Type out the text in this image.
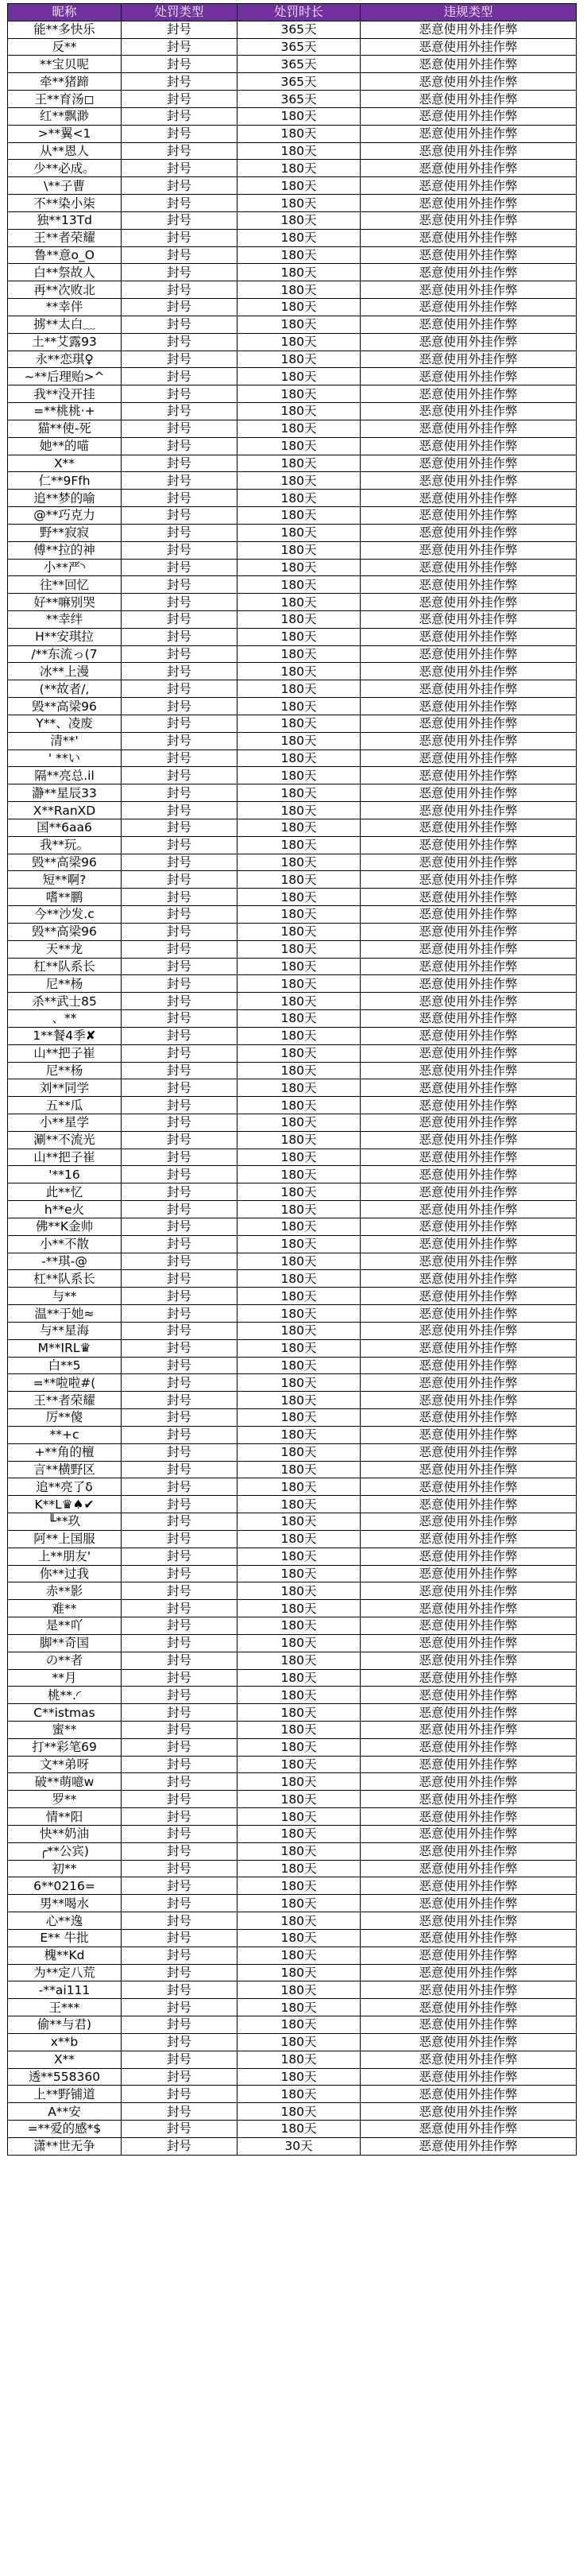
昵称	处罚类型	处罚时长	违规类型
能**多快乐	封号	365天	恶意使用外挂作弊
反**	封号	365天	恶意使用外挂作弊
**宝贝呢	封号	365天	恶意使用外挂作弊
牵**猪蹄	封号	365天	恶意使用外挂作弊
王**育汤◻	封号	365天	恶意使用外挂作弊
红**飘渺	封号	180天	恶意使用外挂作弊
>**翼<1	封号	180天	恶意使用外挂作弊
从**恩人	封号	180天	恶意使用外挂作弊
少**必成。	封号	180天	恶意使用外挂作弊
\**子曹	封号	180天	恶意使用外挂作弊
不**染小柒	封号	180天	恶意使用外挂作弊
独**13Td	封号	180天	恶意使用外挂作弊
王**者荣耀	封号	180天	恶意使用外挂作弊
鲁**意o_O	封号	180天	恶意使用外挂作弊
白**祭故人	封号	180天	恶意使用外挂作弊
再**次败北	封号	180天	恶意使用外挂作弊
**幸伴	封号	180天	恶意使用外挂作弊
掳**太白﹏	封号	180天	恶意使用外挂作弊
土**艾露93	封号	180天	恶意使用外挂作弊
永**恋琪♀	封号	180天	恶意使用外挂作弊
~**后理贻>^	封号	180天	恶意使用外挂作弊
我**没开挂	封号	180天	恶意使用外挂作弊
=**桃桃·+	封号	180天	恶意使用外挂作弊
猫**使-死	封号	180天	恶意使用外挂作弊
她**的喵	封号	180天	恶意使用外挂作弊
X**	封号	180天	恶意使用外挂作弊
仁**9Ffh	封号	180天	恶意使用外挂作弊
追**梦的喻	封号	180天	恶意使用外挂作弊
@**巧克力	封号	180天	恶意使用外挂作弊
野**寂寂	封号	180天	恶意使用外挂作弊
傅**拉的神	封号	180天	恶意使用外挂作弊
小**严◝	封号	180天	恶意使用外挂作弊
往**回忆	封号	180天	恶意使用外挂作弊
好**嘛别哭	封号	180天	恶意使用外挂作弊
**幸绊	封号	180天	恶意使用外挂作弊
H**安琪拉	封号	180天	恶意使用外挂作弊
/**东流っ(7	封号	180天	恶意使用外挂作弊
冰**上漫	封号	180天	恶意使用外挂作弊
(**故者/,	封号	180天	恶意使用外挂作弊
毁**高梁96	封号	180天	恶意使用外挂作弊
Y**、凌废	封号	180天	恶意使用外挂作弊
清**'	封号	180天	恶意使用外挂作弊
' **い	封号	180天	恶意使用外挂作弊
隔**亮总.il	封号	180天	恶意使用外挂作弊
瀞**星辰33	封号	180天	恶意使用外挂作弊
X**RanXD	封号	180天	恶意使用外挂作弊
国**6aa6	封号	180天	恶意使用外挂作弊
我**玩。	封号	180天	恶意使用外挂作弊
毁**高梁96	封号	180天	恶意使用外挂作弊
短**啊?	封号	180天	恶意使用外挂作弊
嗜**鹏	封号	180天	恶意使用外挂作弊
今**沙发.c	封号	180天	恶意使用外挂作弊
毁**高梁96	封号	180天	恶意使用外挂作弊
天**龙	封号	180天	恶意使用外挂作弊
杠**队系长	封号	180天	恶意使用外挂作弊
尼**杨	封号	180天	恶意使用外挂作弊
杀**武士85	封号	180天	恶意使用外挂作弊
、**	封号	180天	恶意使用外挂作弊
1**餐4季✘	封号	180天	恶意使用外挂作弊
山**把子崔	封号	180天	恶意使用外挂作弊
尼**杨	封号	180天	恶意使用外挂作弊
刘**同学	封号	180天	恶意使用外挂作弊
五**瓜	封号	180天	恶意使用外挂作弊
小**星学	封号	180天	恶意使用外挂作弊
涮**不流光	封号	180天	恶意使用外挂作弊
山**把子崔	封号	180天	恶意使用外挂作弊
'**16	封号	180天	恶意使用外挂作弊
此**忆	封号	180天	恶意使用外挂作弊
h**e火	封号	180天	恶意使用外挂作弊
佛**K金帅	封号	180天	恶意使用外挂作弊
小**不散	封号	180天	恶意使用外挂作弊
-**琪-@	封号	180天	恶意使用外挂作弊
杠**队系长	封号	180天	恶意使用外挂作弊
与**	封号	180天	恶意使用外挂作弊
温**于她≈	封号	180天	恶意使用外挂作弊
与**星海	封号	180天	恶意使用外挂作弊
M**IRL♛	封号	180天	恶意使用外挂作弊
白**5	封号	180天	恶意使用外挂作弊
=**啦啦#(	封号	180天	恶意使用外挂作弊
王**者荣耀	封号	180天	恶意使用外挂作弊
厉**傻	封号	180天	恶意使用外挂作弊
**+c	封号	180天	恶意使用外挂作弊
+**角的檀	封号	180天	恶意使用外挂作弊
言**横野区	封号	180天	恶意使用外挂作弊
追**亮了δ	封号	180天	恶意使用外挂作弊
K**L♛♠✔	封号	180天	恶意使用外挂作弊
╙**玖	封号	180天	恶意使用外挂作弊
阿**上国服	封号	180天	恶意使用外挂作弊
上**朋友'	封号	180天	恶意使用外挂作弊
你**过我	封号	180天	恶意使用外挂作弊
赤**影	封号	180天	恶意使用外挂作弊
难**	封号	180天	恶意使用外挂作弊
是**吖	封号	180天	恶意使用外挂作弊
脚**奇国	封号	180天	恶意使用外挂作弊
の**者	封号	180天	恶意使用外挂作弊
**月	封号	180天	恶意使用外挂作弊
桃**.◜	封号	180天	恶意使用外挂作弊
C**istmas	封号	180天	恶意使用外挂作弊
蜜**	封号	180天	恶意使用外挂作弊
打**彩笔69	封号	180天	恶意使用外挂作弊
文**弟呀	封号	180天	恶意使用外挂作弊
破**萌噫w	封号	180天	恶意使用外挂作弊
罗**	封号	180天	恶意使用外挂作弊
情**阳	封号	180天	恶意使用外挂作弊
快**奶油	封号	180天	恶意使用外挂作弊
╭**公宾)	封号	180天	恶意使用外挂作弊
初**	封号	180天	恶意使用外挂作弊
6**0216=	封号	180天	恶意使用外挂作弊
男**喝水	封号	180天	恶意使用外挂作弊
心**逸	封号	180天	恶意使用外挂作弊
E** 牛批	封号	180天	恶意使用外挂作弊
槐**Kd	封号	180天	恶意使用外挂作弊
为**定八荒	封号	180天	恶意使用外挂作弊
-**ai111	封号	180天	恶意使用外挂作弊
王***	封号	180天	恶意使用外挂作弊
偷**与君)	封号	180天	恶意使用外挂作弊
x**b	封号	180天	恶意使用外挂作弊
X**	封号	180天	恶意使用外挂作弊
透**558360	封号	180天	恶意使用外挂作弊
上**野铺道	封号	180天	恶意使用外挂作弊
A**安	封号	180天	恶意使用外挂作弊
=**爱的感*$	封号	180天	恶意使用外挂作弊
潇**世无争	封号	30天	恶意使用外挂作弊
